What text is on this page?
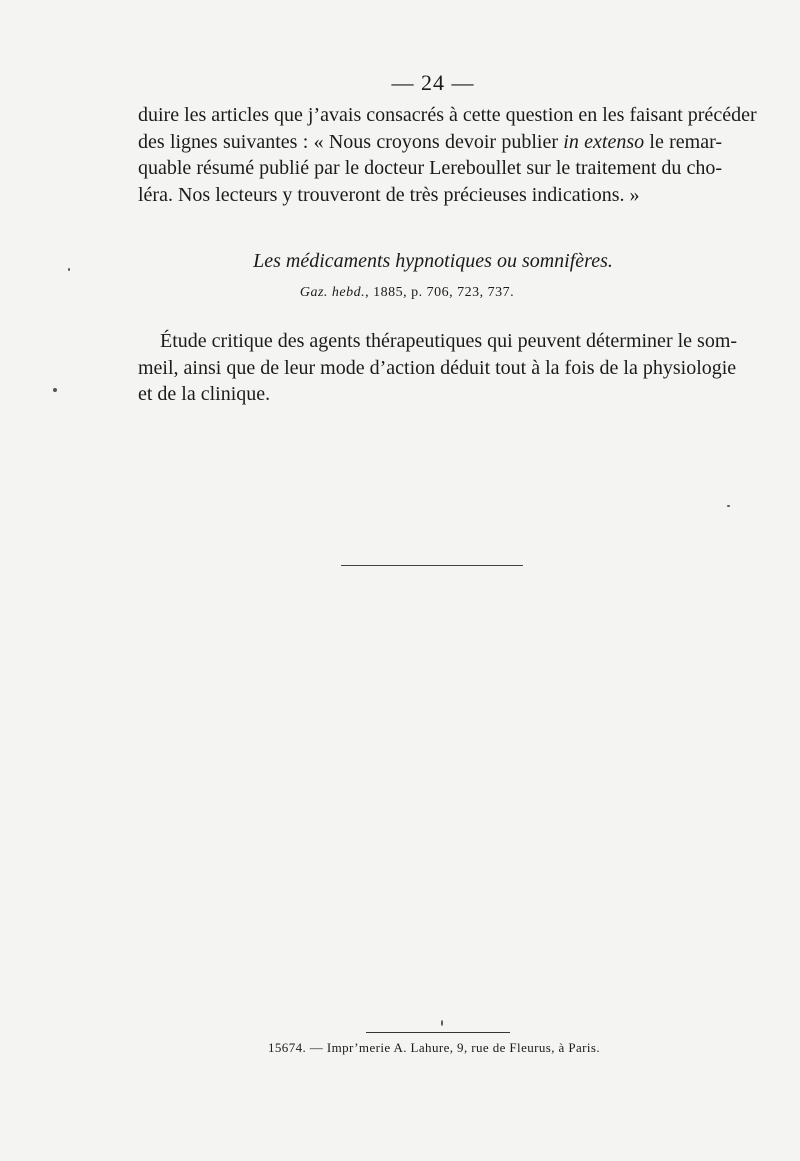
— 24 —
duire les articles que j’avais consacrés à cette question en les faisant précéder
des lignes suivantes : « Nous croyons devoir publier in extenso le remar-
quable résumé publié par le docteur Lereboullet sur le traitement du cho-
léra. Nos lecteurs y trouveront de très précieuses indications. »
Les médicaments hypnotiques ou somnifères.
Gaz. hebd., 1885, p. 706, 723, 737.
Étude critique des agents thérapeutiques qui peuvent déterminer le som-
meil, ainsi que de leur mode d’action déduit tout à la fois de la physiologie
et de la clinique.
15674. — Impr’merie A. Lahure, 9, rue de Fleurus, à Paris.
